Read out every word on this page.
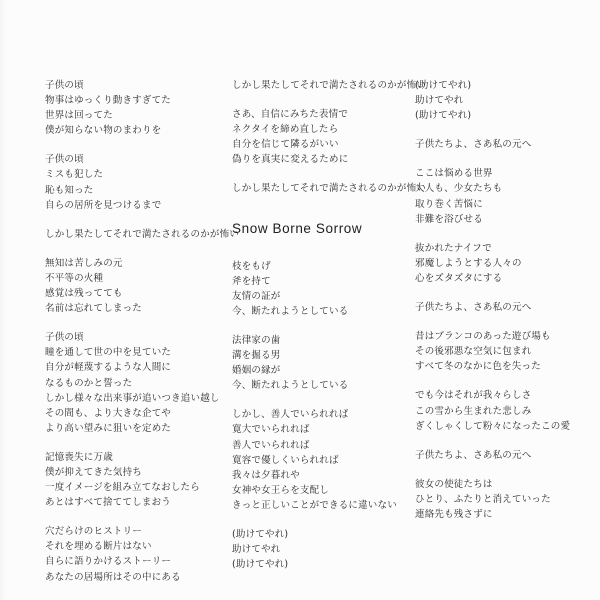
子供の頃
物事はゆっくり動きすぎてた
世界は回ってた
僕が知らない物のまわりを
子供の頃
ミスも犯した
恥も知った
自らの居所を見つけるまで
しかし果たしてそれで満たされるのかが怖い
無知は苦しみの元
不平等の火種
感覚は残ってても
名前は忘れてしまった
子供の頃
瞳を通して世の中を見ていた
自分が軽蔑するような人間に
なるものかと誓った
しかし様々な出来事が追いつき追い越し
その間も、より大きな企てや
より高い望みに狙いを定めた
記憶喪失に万歳
僕が抑えてきた気持ち
一度イメージを組み立てなおしたら
あとはすべて捨ててしまおう
穴だらけのヒストリー
それを埋める断片はない
自らに語りかけるストーリー
あなたの居場所はその中にある
しかし果たしてそれで満たされるのかが怖い
さあ、自信にみちた表情で
ネクタイを締め直したら
自分を信じて隣るがいい
偽りを真実に変えるために
しかし果たしてそれで満たされるのかが怖い
Snow Borne Sorrow
枝をもげ
斧を持て
友情の証が
今、断たれようとしている
法律家の歯
溝を掘る男
婚姻の縁が
今、断たれようとしている
しかし、善人でいられれば
寛大でいられれば
善人でいられれば
寛容で優しくいられれば
我々は夕暮れや
女神や女王らを支配し
きっと正しいことができるに違いない
(助けてやれ)
助けてやれ
(助けてやれ)
(助けてやれ)
助けてやれ
(助けてやれ)
子供たちよ、さあ私の元へ
ここは悩める世界
大人も、少女たちも
取り巻く苦悩に
非難を浴びせる
抜かれたナイフで
邪魔しようとする人々の
心をズタズタにする
子供たちよ、さあ私の元へ
昔はブランコのあった遊び場も
その後邪悪な空気に包まれ
すべて冬のなかに色を失った
でも今はそれが我々らしさ
この雪から生まれた悲しみ
ぎくしゃくして粉々になったこの愛
子供たちよ、さあ私の元へ
彼女の使徒たちは
ひとり、ふたりと消えていった
連絡先も残さずに
